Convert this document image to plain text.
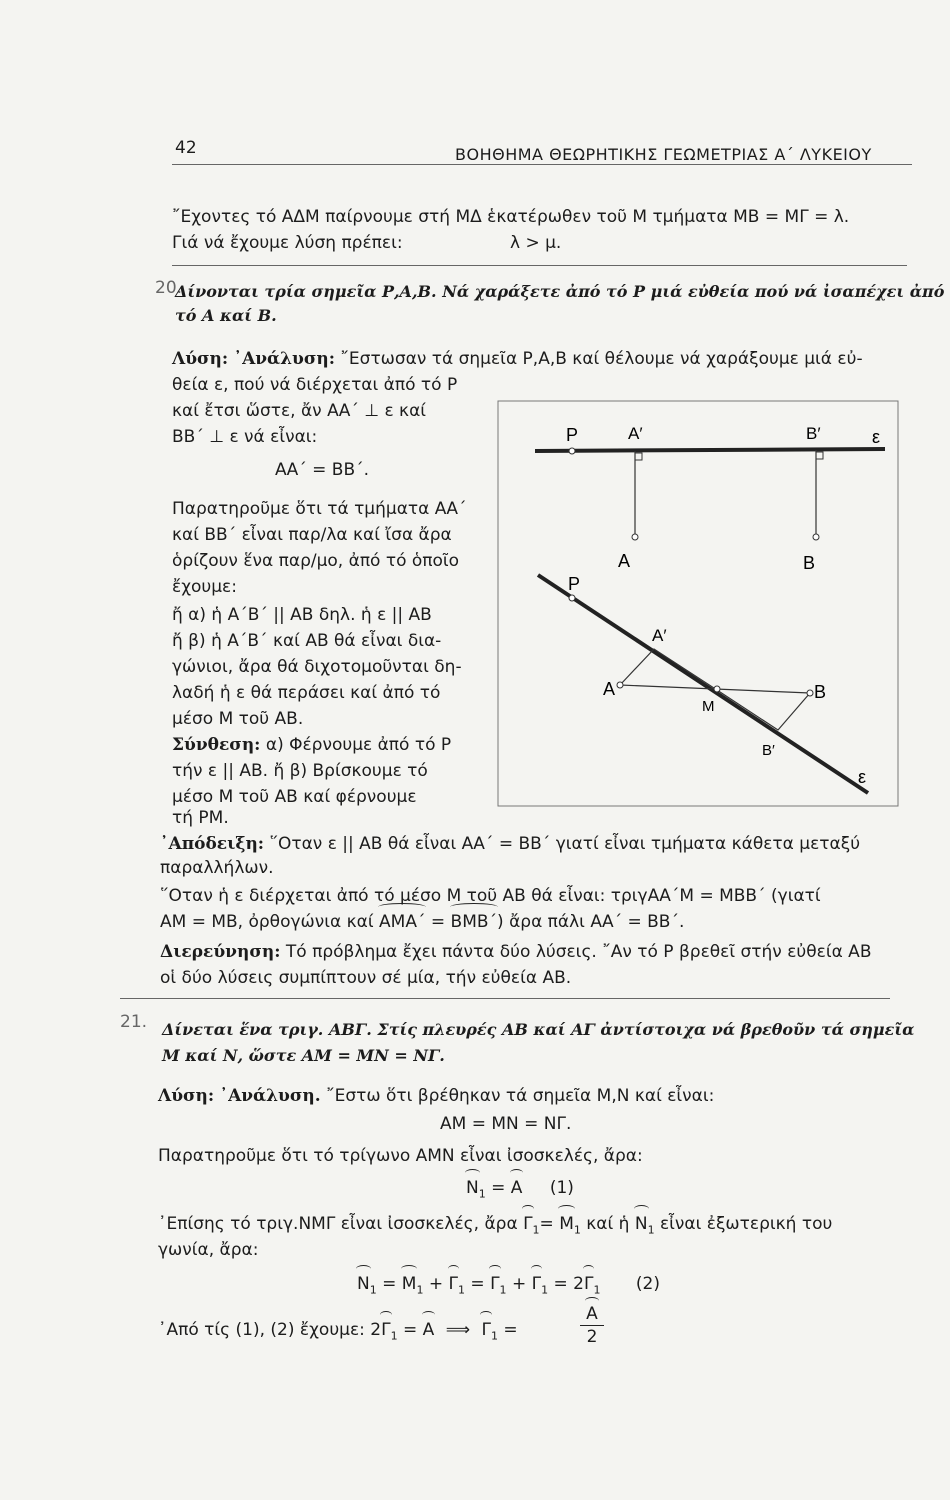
42	ΒΟΗΘΗΜΑ ΘΕΩΡΗΤΙΚΗΣ ΓΕΩΜΕΤΡΙΑΣ Α΄ ΛΥΚΕΙΟΥ
῎Εχοντες τό ΑΔΜ παίρνουμε στή ΜΔ ἑκατέρωθεν τοῦ Μ τμήματα ΜΒ = ΜΓ = λ.
Γιά νά ἔχουμε λύση πρέπει:	λ > μ.
20.
Δίνονται τρία σημεῖα Ρ,Α,Β. Νά χαράξετε ἀπό τό Ρ μιά εὐθεία πού νά ἰσαπέχει ἀπό
τό Α καί Β.
Λύση: ᾽Ανάλυση: ῎Εστωσαν τά σημεῖα Ρ,Α,Β καί θέλουμε νά χαράξουμε μιά εὐ-
θεία ε, πού νά διέρχεται ἀπό τό Ρ
καί ἔτσι ὥστε, ἄν ΑΑ΄ ⊥ ε καί
ΒΒ΄ ⊥ ε νά εἶναι:
ΑΑ΄ = ΒΒ΄.
Παρατηροῦμε ὅτι τά τμήματα ΑΑ΄
καί ΒΒ΄ εἶναι παρ/λα καί ἴσα ἄρα
ὁρίζουν ἕνα παρ/μο, ἀπό τό ὁποῖο
ἔχουμε:
ἤ α) ἡ Α΄Β΄ || ΑΒ δηλ. ἡ ε || ΑΒ
ἤ β) ἡ Α΄Β΄ καί ΑΒ θά εἶναι δια-
γώνιοι, ἄρα θά διχοτομοῦνται δη-
λαδή ἡ ε θά περάσει καί ἀπό τό
μέσο Μ τοῦ ΑΒ.
Σύνθεση: α) Φέρνουμε ἀπό τό Ρ
τήν ε || ΑΒ. ἤ β) Βρίσκουμε τό
μέσο Μ τοῦ ΑΒ καί φέρνουμε
τή ΡΜ.
P	A′	B′	ε
A	B
P
A′
A
M
B
B′
ε
᾽Απόδειξη: ῞Οταν ε || ΑΒ θά εἶναι ΑΑ΄ = ΒΒ΄ γιατί εἶναι τμήματα κάθετα μεταξύ
παραλλήλων.
῞Οταν ἡ ε διέρχεται ἀπό τό μέσο Μ τοῦ ΑΒ θά εἶναι: τριγΑΑ΄Μ = ΜΒΒ΄ (γιατί
ΑΜ = ΜΒ, ὀρθογώνια καί ΑΜΑ΄ = ΒΜΒ΄) ἄρα πάλι ΑΑ΄ = ΒΒ΄.
Διερεύνηση: Τό πρόβλημα ἔχει πάντα δύο λύσεις. ῎Αν τό Ρ βρεθεῖ στήν εὐθεία ΑΒ
οἱ δύο λύσεις συμπίπτουν σέ μία, τήν εὐθεία ΑΒ.
21. Δίνεται ἕνα τριγ. ΑΒΓ. Στίς πλευρές ΑΒ καί ΑΓ ἀντίστοιχα νά βρεθοῦν τά σημεῖα
Μ καί Ν, ὥστε ΑΜ = ΜΝ = ΝΓ.
Λύση: ᾽Ανάλυση. ῎Εστω ὅτι βρέθηκαν τά σημεῖα Μ,Ν καί εἶναι:
ΑΜ = ΜΝ = ΝΓ.
Παρατηροῦμε ὅτι τό τρίγωνο ΑΜΝ εἶναι ἰσοσκελές, ἄρα:
$N_1 = A$ (1)
᾽Επίσης τό τριγ.ΝΜΓ εἶναι ἰσοσκελές, ἄρα $\Gamma_1= M_1$ καί ἡ $N_1$ εἶναι ἐξωτερική του
γωνία, ἄρα:
$N_1 = M_1 + \Gamma_1 = \Gamma_1 + \Gamma_1 = 2\Gamma_1$ (2)
᾽Από τίς (1), (2) ἔχουμε: $2\Gamma_1 = A$ ⟹ $\Gamma_1$ =
Α
2
